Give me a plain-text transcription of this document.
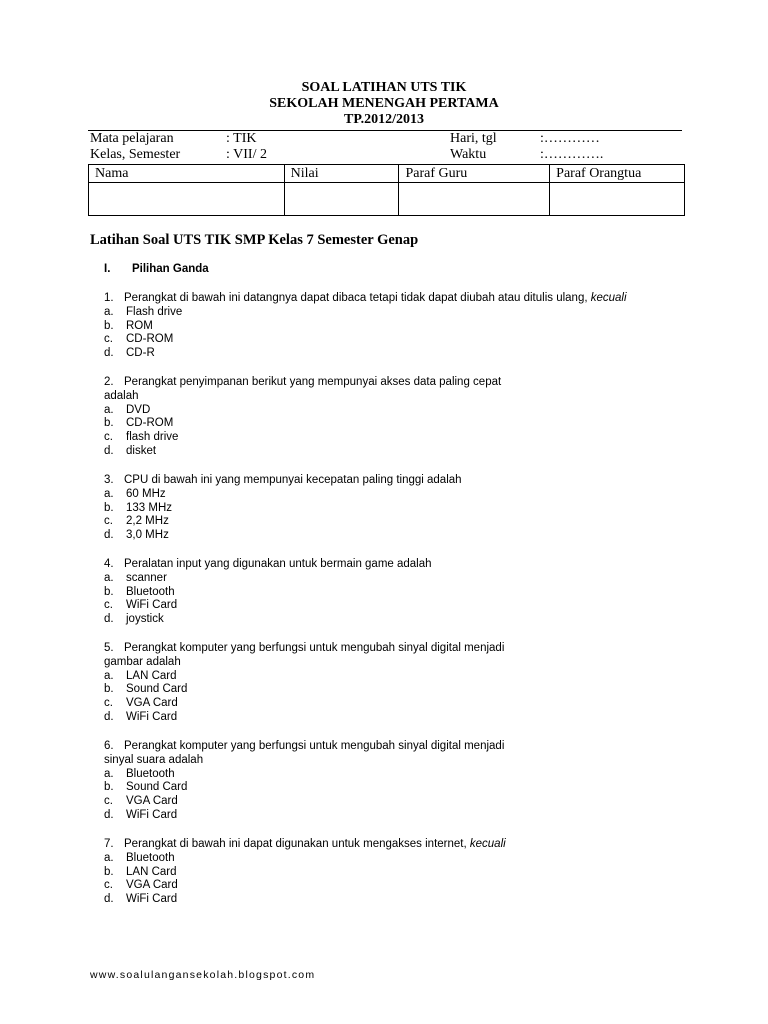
SOAL LATIHAN UTS TIK
SEKOLAH MENENGAH PERTAMA
TP.2012/2013
Mata pelajaran	: TIK	Hari, tgl	:…………
Kelas, Semester	: VII/ 2	Waktu	:………….
Nama	Nilai	Paraf Guru	Paraf Orangtua

Latihan Soal UTS TIK SMP Kelas 7 Semester Genap
I. Pilihan Ganda
1. Perangkat di bawah ini datangnya dapat dibaca tetapi tidak dapat diubah atau ditulis ulang, kecuali
a. Flash drive
b. ROM
c. CD-ROM
d. CD-R
2. Perangkat penyimpanan berikut yang mempunyai akses data paling cepat
adalah
a. DVD
b. CD-ROM
c. flash drive
d. disket
3. CPU di bawah ini yang mempunyai kecepatan paling tinggi adalah
a. 60 MHz
b. 133 MHz
c. 2,2 MHz
d. 3,0 MHz
4. Peralatan input yang digunakan untuk bermain game adalah
a. scanner
b. Bluetooth
c. WiFi Card
d. joystick
5. Perangkat komputer yang berfungsi untuk mengubah sinyal digital menjadi
gambar adalah
a. LAN Card
b. Sound Card
c. VGA Card
d. WiFi Card
6. Perangkat komputer yang berfungsi untuk mengubah sinyal digital menjadi
sinyal suara adalah
a. Bluetooth
b. Sound Card
c. VGA Card
d. WiFi Card
7. Perangkat di bawah ini dapat digunakan untuk mengakses internet, kecuali
a. Bluetooth
b. LAN Card
c. VGA Card
d. WiFi Card
www.soalulangansekolah.blogspot.com
